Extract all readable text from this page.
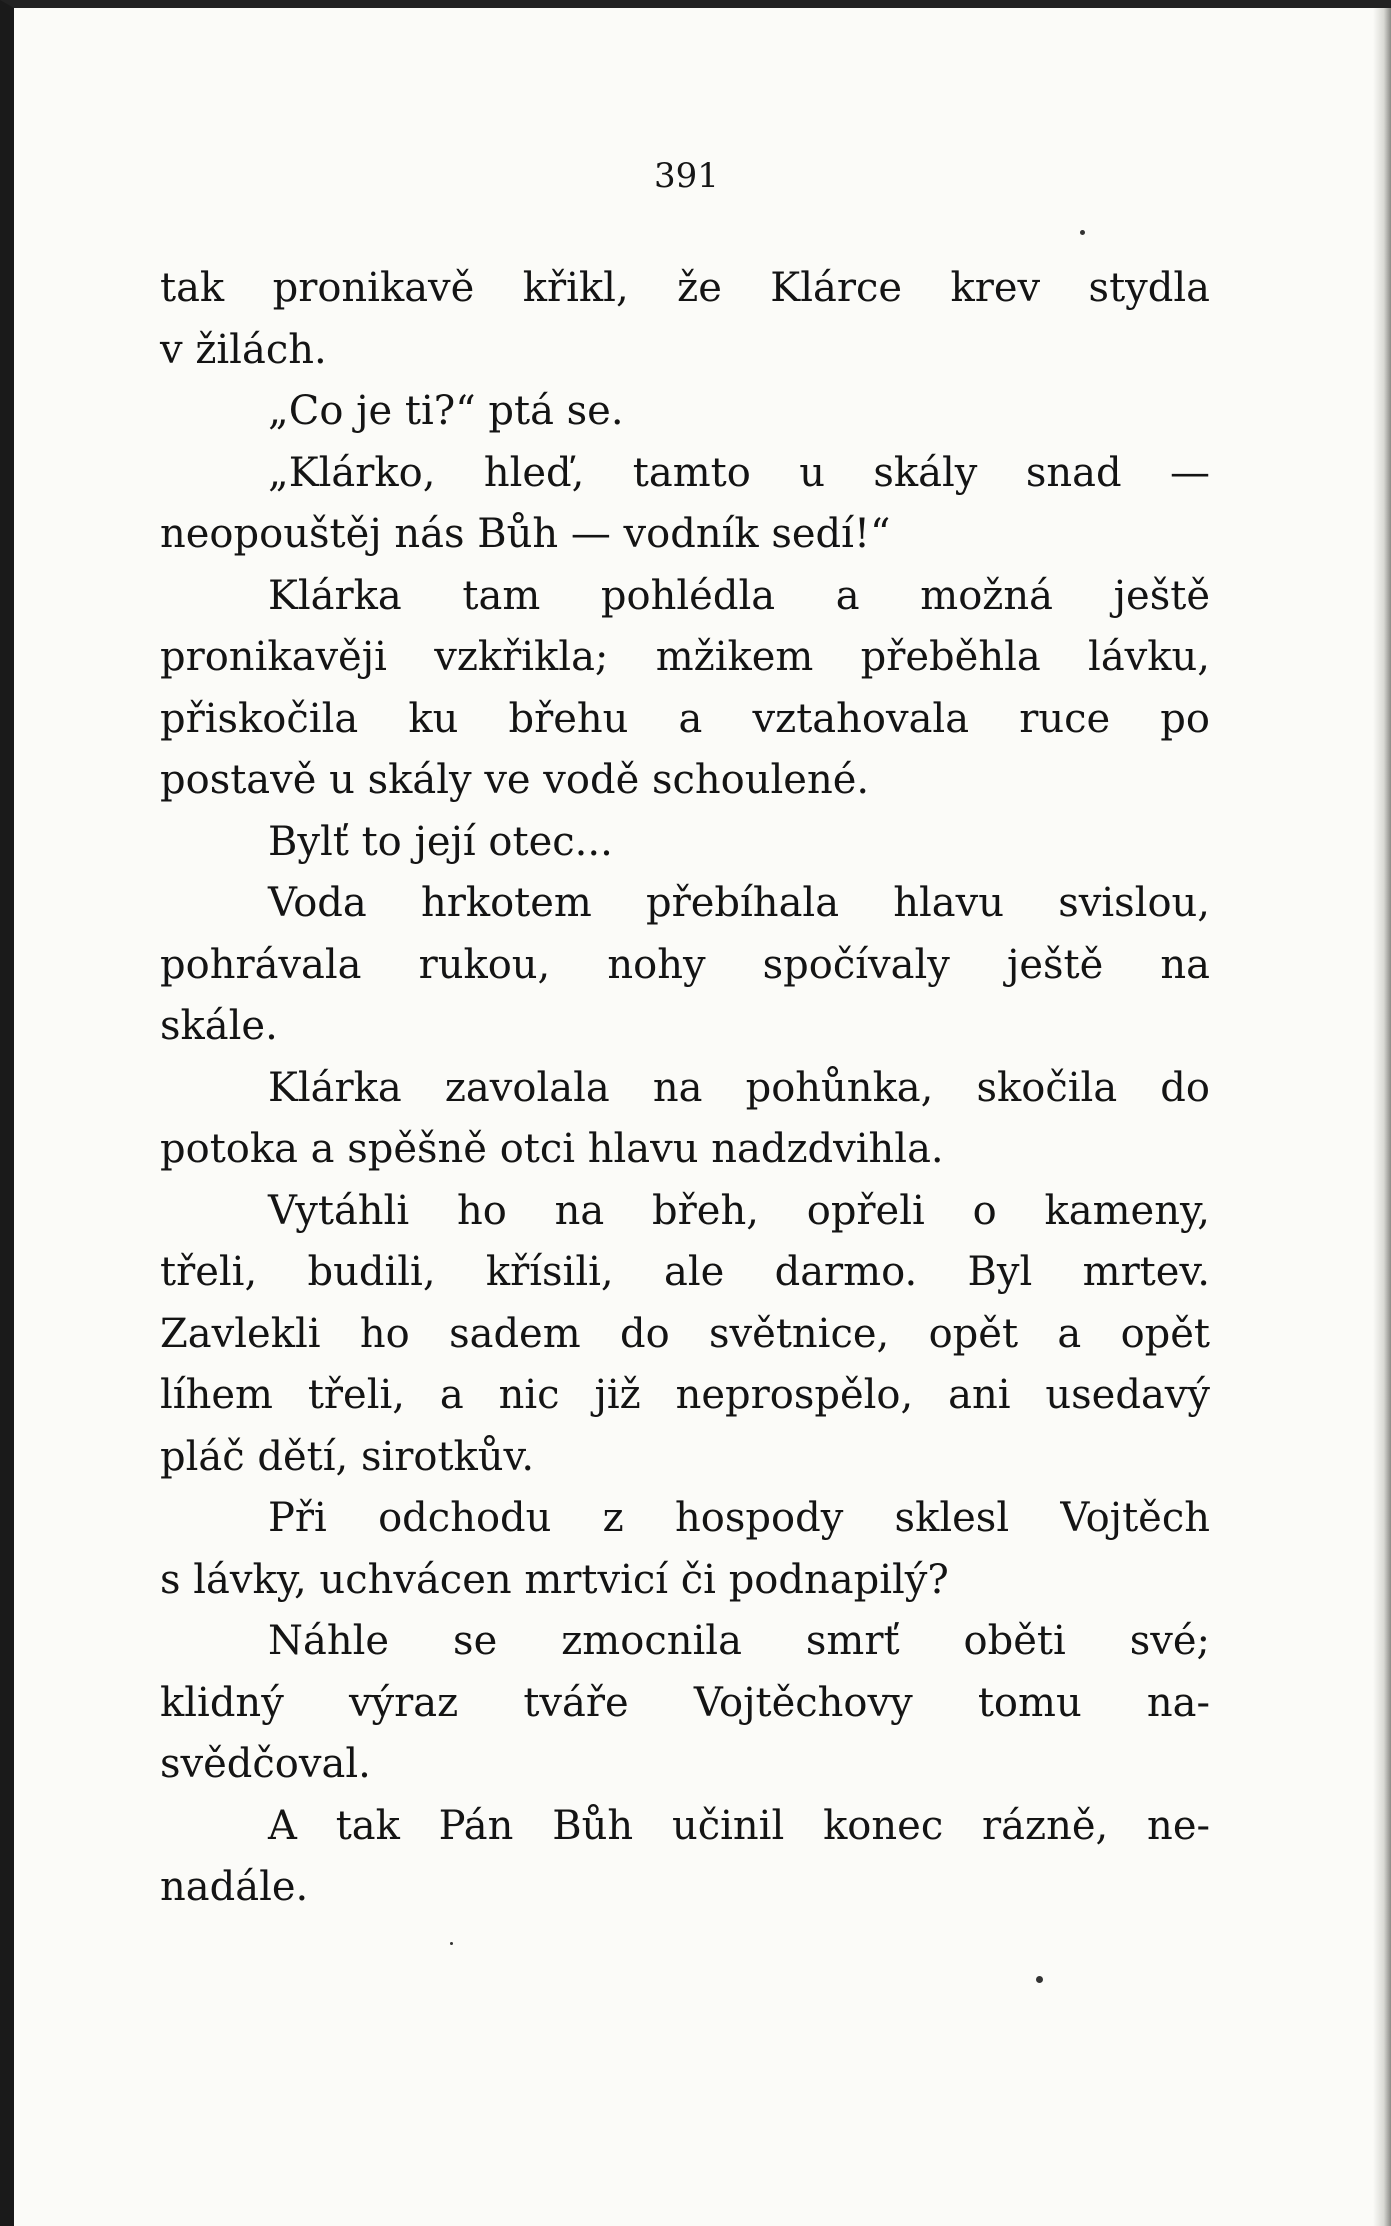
391
tak pronikavě křikl, že Klárce krev stydla
v žilách.
„Co je ti?“ ptá se.
„Klárko, hleď, tamto u skály snad —
neopouštěj nás Bůh — vodník sedí!“
Klárka tam pohlédla a možná ještě
pronikavěji vzkřikla; mžikem přeběhla lávku,
přiskočila ku břehu a vztahovala ruce po
postavě u skály ve vodě schoulené.
Bylť to její otec...
Voda hrkotem přebíhala hlavu svislou,
pohrávala rukou, nohy spočívaly ještě na
skále.
Klárka zavolala na pohůnka, skočila do
potoka a spěšně otci hlavu nadzdvihla.
Vytáhli ho na břeh, opřeli o kameny,
třeli, budili, křísili, ale darmo. Byl mrtev.
Zavlekli ho sadem do světnice, opět a opět
líhem třeli, a nic již neprospělo, ani usedavý
pláč dětí, sirotkův.
Při odchodu z hospody sklesl Vojtěch
s lávky, uchvácen mrtvicí či podnapilý?
Náhle se zmocnila smrť oběti své;
klidný výraz tváře Vojtěchovy tomu na-
svědčoval.
A tak Pán Bůh učinil konec rázně, ne-
nadále.
